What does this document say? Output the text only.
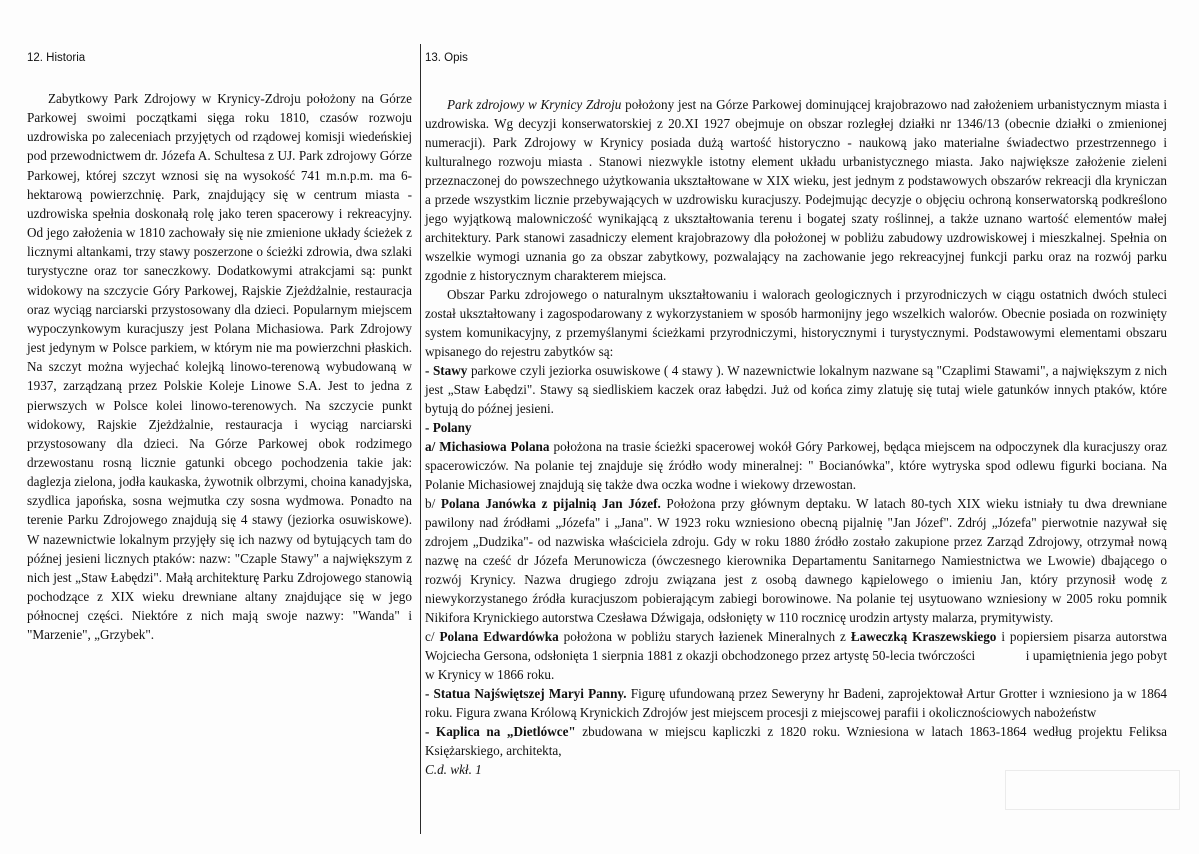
12. Historia	13. Opis

Zabytkowy Park Zdrojowy w Krynicy-Zdroju położony na Górze Parkowej swoimi początkami sięga roku 1810, czasów rozwoju uzdrowiska po zaleceniach przyjętych od rządowej komisji wiedeńskiej pod przewodnictwem dr. Józefa A. Schultesa z UJ. Park zdrojowy Górze Parkowej, której szczyt wznosi się na wysokość 741 m.n.p.m. ma 6-hektarową powierzchnię. Park, znajdujący się w centrum miasta - uzdrowiska spełnia doskonałą rolę jako teren spacerowy i rekreacyjny. Od jego założenia w 1810 zachowały się nie zmienione układy ścieżek z licznymi altankami, trzy stawy poszerzone o ścieżki zdrowia, dwa szlaki turystyczne oraz tor saneczkowy. Dodatkowymi atrakcjami są: punkt widokowy na szczycie Góry Parkowej, Rajskie Zjeżdżalnie, restauracja oraz wyciąg narciarski przystosowany dla dzieci. Popularnym miejscem wypoczynkowym kuracjuszy jest Polana Michasiowa. Park Zdrojowy jest jedynym w Polsce parkiem, w którym nie ma powierzchni płaskich. Na szczyt można wyjechać kolejką linowo-terenową wybudowaną w 1937, zarządzaną przez Polskie Koleje Linowe S.A. Jest to jedna z pierwszych w Polsce kolei linowo-terenowych. Na szczycie punkt widokowy, Rajskie Zjeżdżalnie, restauracja i wyciąg narciarski przystosowany dla dzieci. Na Górze Parkowej obok rodzimego drzewostanu rosną licznie gatunki obcego pochodzenia takie jak: daglezja zielona, jodła kaukaska, żywotnik olbrzymi, choina kanadyjska, szydlica japońska, sosna wejmutka czy sosna wydmowa. Ponadto na terenie Parku Zdrojowego znajdują się 4 stawy (jeziorka osuwiskowe). W nazewnictwie lokalnym przyjęły się ich nazwy od bytujących tam do późnej jesieni licznych ptaków: nazw: "Czaple Stawy" a największym z nich jest „Staw Łabędzi". Małą architekturę Parku Zdrojowego stanowią pochodzące z XIX wieku drewniane altany znajdujące się w jego północnej części. Niektóre z nich mają swoje nazwy: "Wanda" i "Marzenie", „Grzybek".

Park zdrojowy w Krynicy Zdroju położony jest na Górze Parkowej dominującej krajobrazowo nad założeniem urbanistycznym miasta i uzdrowiska. Wg decyzji konserwatorskiej z 20.XI 1927 obejmuje on obszar rozległej działki nr 1346/13 (obecnie działki o zmienionej numeracji). Park Zdrojowy w Krynicy posiada dużą wartość historyczno - naukową jako materialne świadectwo przestrzennego i kulturalnego rozwoju miasta . Stanowi niezwykle istotny element układu urbanistycznego miasta. Jako największe założenie zieleni przeznaczonej do powszechnego użytkowania ukształtowane w XIX wieku, jest jednym z podstawowych obszarów rekreacji dla kryniczan a przede wszystkim licznie przebywających w uzdrowisku kuracjuszy. Podejmując decyzje o objęciu ochroną konserwatorską podkreślono jego wyjątkową malowniczość wynikającą z ukształtowania terenu i bogatej szaty roślinnej, a także uznano wartość elementów małej architektury. Park stanowi zasadniczy element krajobrazowy dla położonej w pobliżu zabudowy uzdrowiskowej i mieszkalnej. Spełnia on wszelkie wymogi uznania go za obszar zabytkowy, pozwalający na zachowanie jego rekreacyjnej funkcji parku oraz na rozwój parku zgodnie z historycznym charakterem miejsca.

Obszar Parku zdrojowego o naturalnym ukształtowaniu i walorach geologicznych i przyrodniczych w ciągu ostatnich dwóch stuleci został ukształtowany i zagospodarowany z wykorzystaniem w sposób harmonijny jego wszelkich walorów. Obecnie posiada on rozwinięty system komunikacyjny, z przemyślanymi ścieżkami przyrodniczymi, historycznymi i turystycznymi. Podstawowymi elementami obszaru wpisanego do rejestru zabytków są:

- Stawy parkowe czyli jeziorka osuwiskowe ( 4 stawy ). W nazewnictwie lokalnym nazwane są "Czaplimi Stawami", a największym z nich jest „Staw Łabędzi". Stawy są siedliskiem kaczek oraz łabędzi. Już od końca zimy zlatuję się tutaj wiele gatunków innych ptaków, które bytują do późnej jesieni.

- Polany

a/ Michasiowa Polana położona na trasie ścieżki spacerowej wokół Góry Parkowej, będąca miejscem na odpoczynek dla kuracjuszy oraz spacerowiczów. Na polanie tej znajduje się źródło wody mineralnej: " Bocianówka", które wytryska spod odlewu figurki bociana. Na Polanie Michasiowej znajdują się także dwa oczka wodne i wiekowy drzewostan.

b/ Polana Janówka z pijalnią Jan Józef. Położona przy głównym deptaku. W latach 80-tych XIX wieku istniały tu dwa drewniane pawilony nad źródłami „Józefa" i „Jana". W 1923 roku wzniesiono obecną pijalnię "Jan Józef". Zdrój „Józefa" pierwotnie nazywał się zdrojem „Dudzika"- od nazwiska właściciela zdroju. Gdy w roku 1880 źródło zostało zakupione przez Zarząd Zdrojowy, otrzymał nową nazwę na cześć dr Józefa Merunowicza (ówczesnego kierownika Departamentu Sanitarnego Namiestnictwa we Lwowie) dbającego o rozwój Krynicy. Nazwa drugiego zdroju związana jest z osobą dawnego kąpielowego o imieniu Jan, który przynosił wodę z niewykorzystanego źródła kuracjuszom pobierającym zabiegi borowinowe. Na polanie tej usytuowano wzniesiony w 2005 roku pomnik Nikifora Krynickiego autorstwa Czesława Dźwigaja, odsłonięty w 110 rocznicę urodzin artysty malarza, prymitywisty.

c/ Polana Edwardówka położona w pobliżu starych łazienek Mineralnych z Ławeczką Kraszewskiego i popiersiem pisarza autorstwa Wojciecha Gersona, odsłonięta 1 sierpnia 1881 z okazji obchodzonego przez artystę 50-lecia twórczości               i upamiętnienia jego pobyt w Krynicy w 1866 roku.

- Statua Najświętszej Maryi Panny. Figurę ufundowaną przez Seweryny hr Badeni, zaprojektował Artur Grotter i wzniesiono ja w 1864 roku. Figura zwana Królową Krynickich Zdrojów jest miejscem procesji z miejscowej parafii i okolicznościowych nabożeństw

- Kaplica na „Dietlówce" zbudowana w miejscu kapliczki z 1820 roku. Wzniesiona w latach 1863-1864 według projektu Feliksa Księżarskiego, architekta,

C.d. wkł. 1
